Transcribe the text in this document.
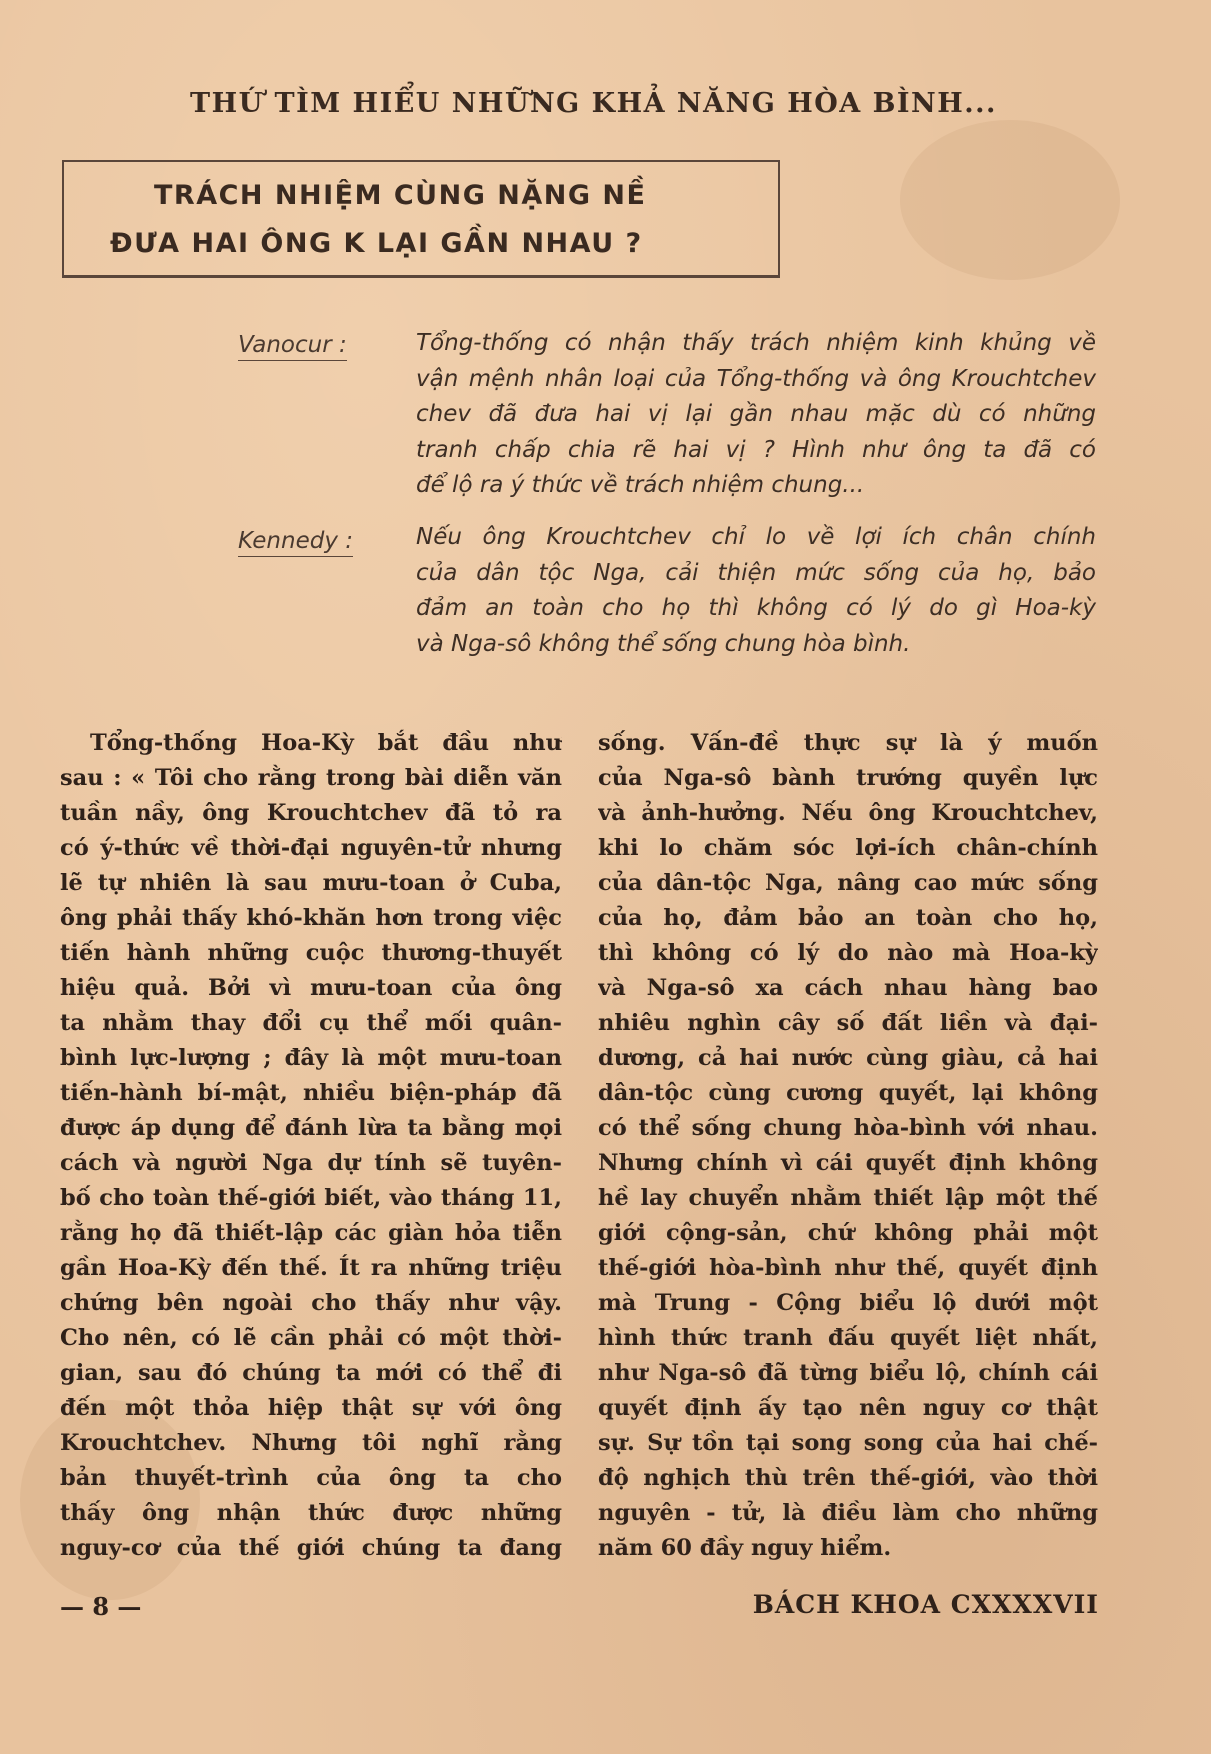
THỨ TÌM HIỂU NHỮNG KHẢ NĂNG HÒA BÌNH...
TRÁCH NHIỆM CÙNG NẶNG NỀ
ĐƯA HAI ÔNG K LẠI GẦN NHAU ?
Vanocur :	Tổng-thống có nhận thấy trách nhiệm kinh khủng về
vận mệnh nhân loại của Tổng-thống và ông Krouchtchev
chev đã đưa hai vị lại gần nhau mặc dù có những
tranh chấp chia rẽ hai vị ? Hình như ông ta đã có
để lộ ra ý thức về trách nhiệm chung...
Kennedy :	Nếu ông Krouchtchev chỉ lo về lợi ích chân chính
của dân tộc Nga, cải thiện mức sống của họ, bảo
đảm an toàn cho họ thì không có lý do gì Hoa-kỳ
và Nga-sô không thể sống chung hòa bình.
Tổng-thống Hoa-Kỳ bắt đầu như
sau : « Tôi cho rằng trong bài diễn văn
tuần nầy, ông Krouchtchev đã tỏ ra
có ý-thức về thời-đại nguyên-tử nhưng
lẽ tự nhiên là sau mưu-toan ở Cuba,
ông phải thấy khó-khăn hơn trong việc
tiến hành những cuộc thương-thuyết
hiệu quả. Bởi vì mưu-toan của ông
ta nhằm thay đổi cụ thể mối quân-
bình lực-lượng ; đây là một mưu-toan
tiến-hành bí-mật, nhiều biện-pháp đã
được áp dụng để đánh lừa ta bằng mọi
cách và người Nga dự tính sẽ tuyên-
bố cho toàn thế-giới biết, vào tháng 11,
rằng họ đã thiết-lập các giàn hỏa tiễn
gần Hoa-Kỳ đến thế. Ít ra những triệu
chứng bên ngoài cho thấy như vậy.
Cho nên, có lẽ cần phải có một thời-
gian, sau đó chúng ta mới có thể đi
đến một thỏa hiệp thật sự với ông
Krouchtchev. Nhưng tôi nghĩ rằng
bản thuyết-trình của ông ta cho
thấy ông nhận thức được những
nguy-cơ của thế giới chúng ta đang
sống. Vấn-đề thực sự là ý muốn
của Nga-sô bành trướng quyền lực
và ảnh-hưởng. Nếu ông Krouchtchev,
khi lo chăm sóc lợi-ích chân-chính
của dân-tộc Nga, nâng cao mức sống
của họ, đảm bảo an toàn cho họ,
thì không có lý do nào mà Hoa-kỳ
và Nga-sô xa cách nhau hàng bao
nhiêu nghìn cây số đất liền và đại-
dương, cả hai nước cùng giàu, cả hai
dân-tộc cùng cương quyết, lại không
có thể sống chung hòa-bình với nhau.
Nhưng chính vì cái quyết định không
hề lay chuyển nhằm thiết lập một thế
giới cộng-sản, chứ không phải một
thế-giới hòa-bình như thế, quyết định
mà Trung - Cộng biểu lộ dưới một
hình thức tranh đấu quyết liệt nhất,
như Nga-sô đã từng biểu lộ, chính cái
quyết định ấy tạo nên nguy cơ thật
sự. Sự tồn tại song song của hai chế-
độ nghịch thù trên thế-giới, vào thời
nguyên - tử, là điều làm cho những
năm 60 đầy nguy hiểm.
— 8 —	BÁCH KHOA CXXXXVII
